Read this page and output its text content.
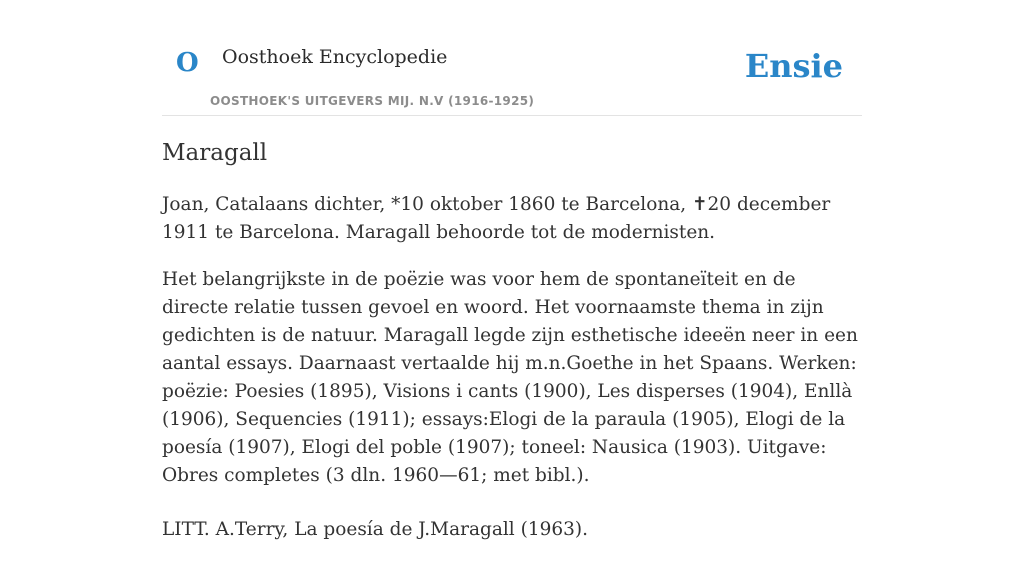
O Oosthoek Encyclopedie
OOSTHOEK'S UITGEVERS MIJ. N.V (1916-1925)
Ensie
Maragall

Joan, Catalaans dichter, *10 oktober 1860 te Barcelona, ✝20 december 1911 te Barcelona. Maragall behoorde tot de modernisten.

Het belangrijkste in de poëzie was voor hem de spontaneïteit en de directe relatie tussen gevoel en woord. Het voornaamste thema in zijn gedichten is de natuur. Maragall legde zijn esthetische ideeën neer in een aantal essays. Daarnaast vertaalde hij m.n.Goethe in het Spaans. Werken: poëzie: Poesies (1895), Visions i cants (1900), Les disperses (1904), Enllà (1906), Sequencies (1911); essays:Elogi de la paraula (1905), Elogi de la poesía (1907), Elogi del poble (1907); toneel: Nausica (1903). Uitgave: Obres completes (3 dln. 1960—61; met bibl.).

LITT. A.Terry, La poesía de J.Maragall (1963).
